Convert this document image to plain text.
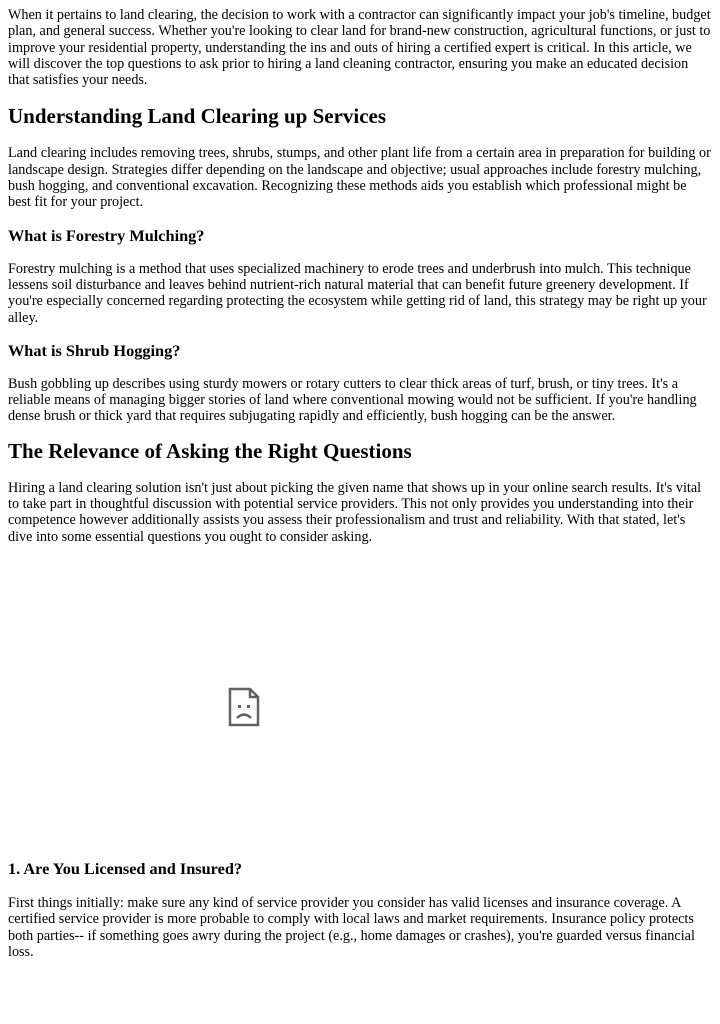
When it pertains to land clearing, the decision to work with a contractor can significantly impact your job's timeline, budget plan, and general success. Whether you're looking to clear land for brand-new construction, agricultural functions, or just to improve your residential property, understanding the ins and outs of hiring a certified expert is critical. In this article, we will discover the top questions to ask prior to hiring a land cleaning contractor, ensuring you make an educated decision that satisfies your needs.

Understanding Land Clearing up Services

Land clearing includes removing trees, shrubs, stumps, and other plant life from a certain area in preparation for building or landscape design. Strategies differ depending on the landscape and objective; usual approaches include forestry mulching, bush hogging, and conventional excavation. Recognizing these methods aids you establish which professional might be best fit for your project.

What is Forestry Mulching?

Forestry mulching is a method that uses specialized machinery to erode trees and underbrush into mulch. This technique lessens soil disturbance and leaves behind nutrient-rich natural material that can benefit future greenery development. If you're especially concerned regarding protecting the ecosystem while getting rid of land, this strategy may be right up your alley.

What is Shrub Hogging?

Bush gobbling up describes using sturdy mowers or rotary cutters to clear thick areas of turf, brush, or tiny trees. It's a reliable means of managing bigger stories of land where conventional mowing would not be sufficient. If you're handling dense brush or thick yard that requires subjugating rapidly and efficiently, bush hogging can be the answer.

The Relevance of Asking the Right Questions

Hiring a land clearing solution isn't just about picking the given name that shows up in your online search results. It's vital to take part in thoughtful discussion with potential service providers. This not only provides you understanding into their competence however additionally assists you assess their professionalism and trust and reliability. With that stated, let's dive into some essential questions you ought to consider asking.

1. Are You Licensed and Insured?

First things initially: make sure any kind of service provider you consider has valid licenses and insurance coverage. A certified service provider is more probable to comply with local laws and market requirements. Insurance policy protects both parties-- if something goes awry during the project (e.g., home damages or crashes), you're guarded versus financial loss.
